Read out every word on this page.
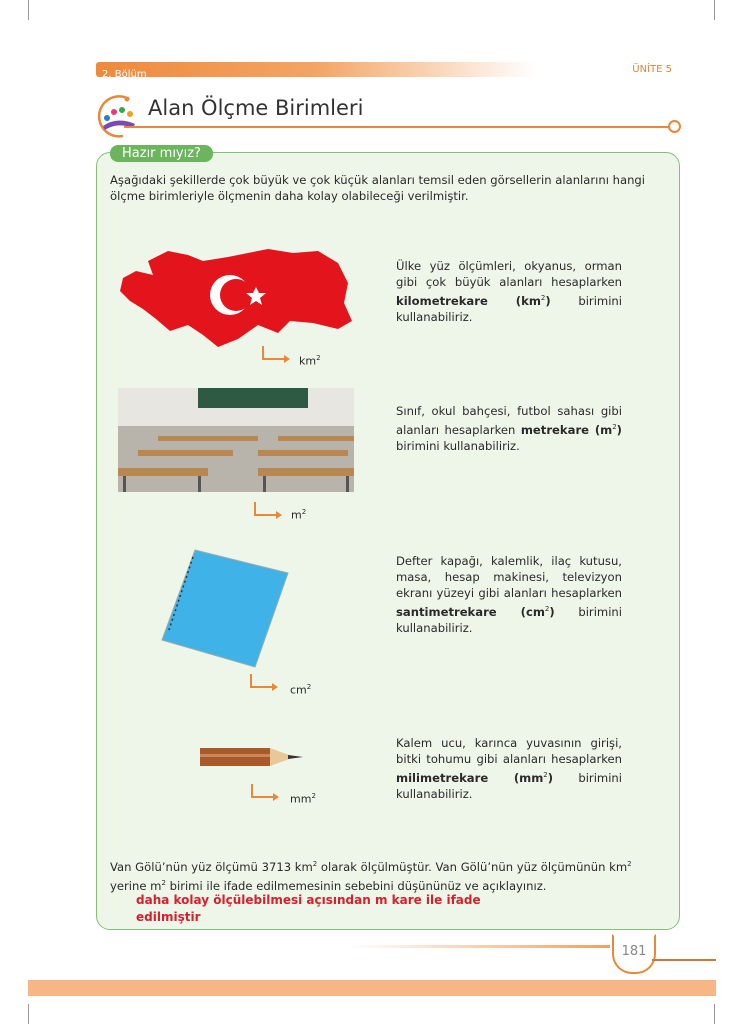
2. Bölüm	ÜNİTE 5
Alan Ölçme Birimleri
Hazır mıyız?
Aşağıdaki şekillerde çok büyük ve çok küçük alanları temsil eden görsellerin alanlarını hangi ölçme birimleriyle ölçmenin daha kolay olabileceği verilmiştir.
$km^2$
$m^2$
$cm^2$
$mm^2$
Ülke yüz ölçümleri, okyanus, orman gibi çok büyük alanları hesaplarken kilometrekare $(km^2)$ birimini kullanabiliriz.
Sınıf, okul bahçesi, futbol sahası gibi alanları hesaplarken metrekare $(m^2)$ birimini kullanabiliriz.
Defter kapağı, kalemlik, ilaç kutusu, masa, hesap makinesi, televizyon ekranı yüzeyi gibi alanları hesaplarken santimetrekare $(cm^2)$ birimini kullanabiliriz.
Kalem ucu, karınca yuvasının girişi, bitki tohumu gibi alanları hesaplarken milimetrekare $(mm^2)$ birimini kullanabiliriz.
Van Gölü’nün yüz ölçümü 3713 $km^2$ olarak ölçülmüştür. Van Gölü’nün yüz ölçümünün $km^2$ yerine $m^2$ birimi ile ifade edilmemesinin sebebini düşününüz ve açıklayınız.
daha kolay ölçülebilmesi açısından m kare ile ifade
edilmiştir
181
